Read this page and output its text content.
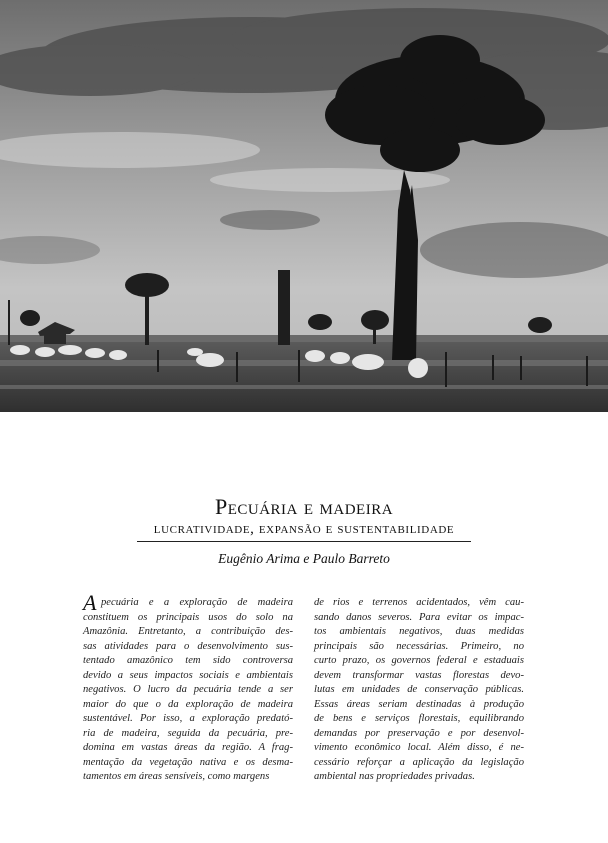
Pecuária e madeira
lucratividade, expansão e sustentabilidade
Eugênio Arima e Paulo Barreto
A pecuária e a exploração de madeira
constituem os principais usos do solo na
Amazônia. Entretanto, a contribuição des-
sas atividades para o desenvolvimento sus-
tentado amazônico tem sido controversa
devido a seus impactos sociais e ambientais
negativos. O lucro da pecuária tende a ser
maior do que o da exploração de madeira
sustentável. Por isso, a exploração predató-
ria de madeira, seguida da pecuária, pre-
domina em vastas áreas da região. A frag-
mentação da vegetação nativa e os desma-
tamentos em áreas sensíveis, como margens
de rios e terrenos acidentados, vêm cau-
sando danos severos. Para evitar os impac-
tos ambientais negativos, duas medidas
principais são necessárias. Primeiro, no
curto prazo, os governos federal e estaduais
devem transformar vastas florestas devo-
lutas em unidades de conservação públicas.
Essas áreas seriam destinadas à produção
de bens e serviços florestais, equilibrando
demandas por preservação e por desenvol-
vimento econômico local. Além disso, é ne-
cessário reforçar a aplicação da legislação
ambiental nas propriedades privadas.
